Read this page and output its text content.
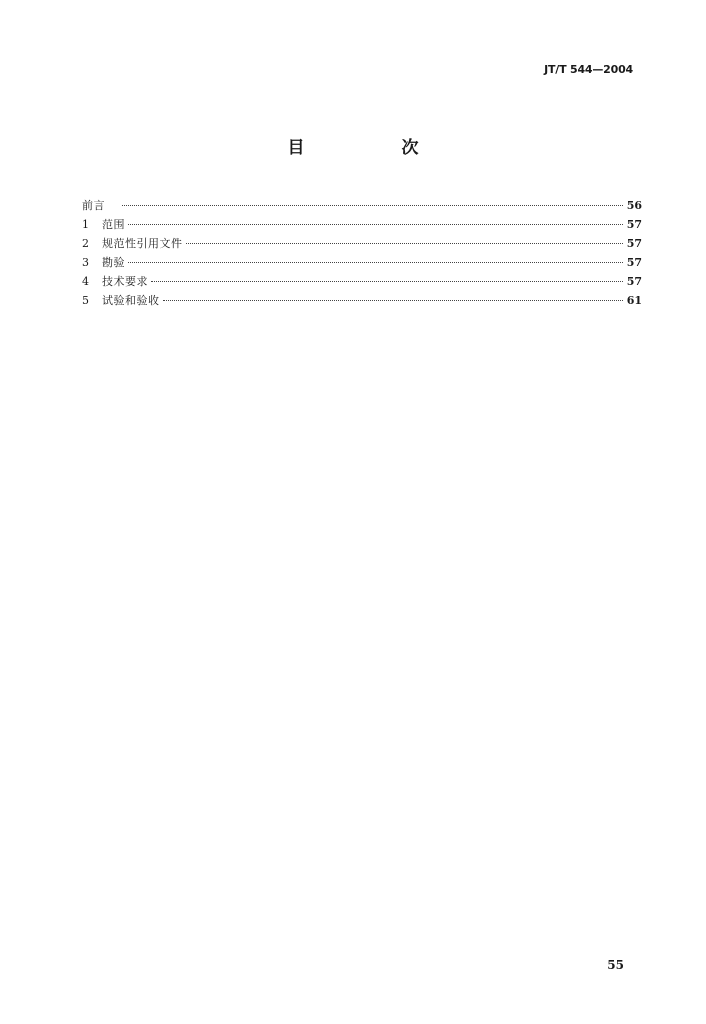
JT/T 544—2004
目　次
前言	56
1	范围	57
2	规范性引用文件	57
3	勘验	57
4	技术要求	57
5	试验和验收	61
55
